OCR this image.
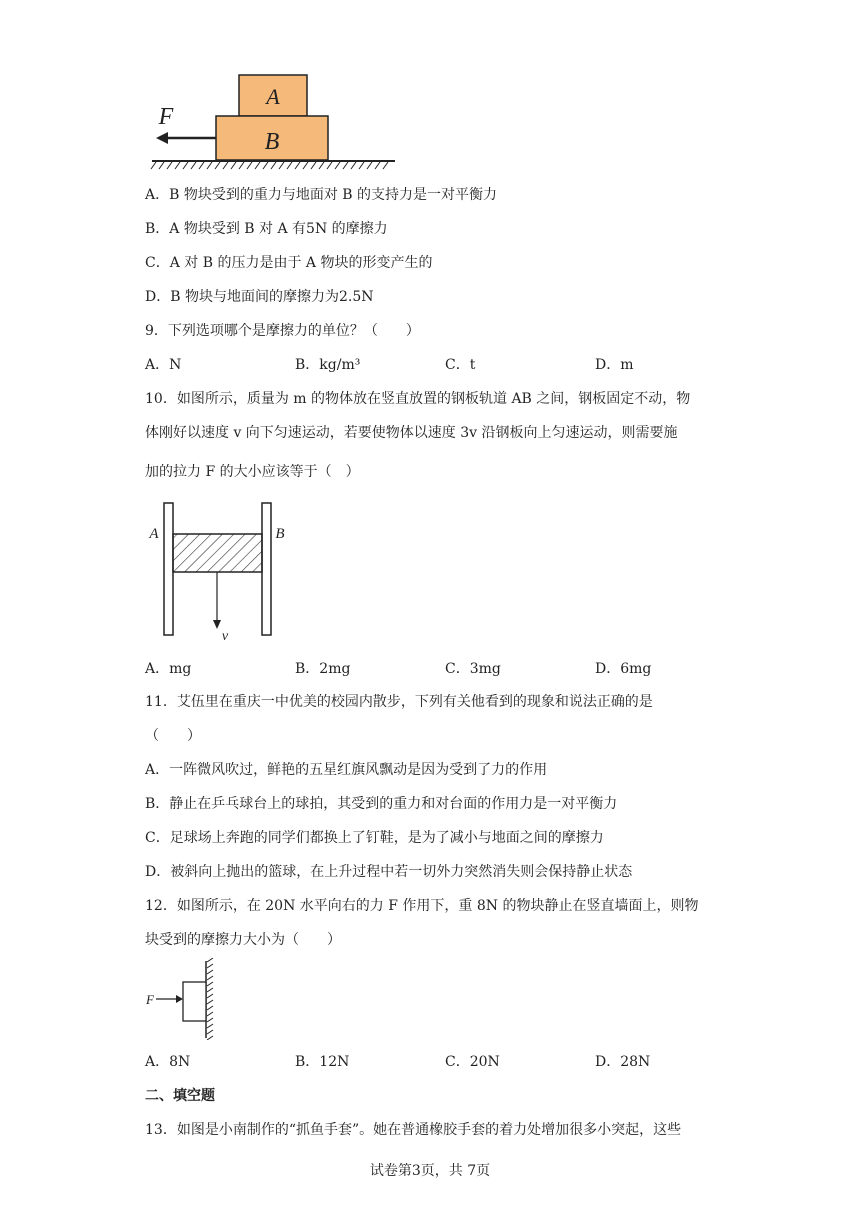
A
B
F
A．B 物块受到的重力与地面对 B 的支持力是一对平衡力
B．A 物块受到 B 对 A 有5N 的摩擦力
C．A 对 B 的压力是由于 A 物块的形变产生的
D．B 物块与地面间的摩擦力为2.5N
9．下列选项哪个是摩擦力的单位？（　　）
A．N	B．kg/m³	C．t	D．m
10．如图所示，质量为 m 的物体放在竖直放置的钢板轨道 AB 之间，钢板固定不动，物
体刚好以速度 v 向下匀速运动，若要使物体以速度 3v 沿钢板向上匀速运动，则需要施
加的拉力 F 的大小应该等于（　）
A	B
v
A．mg	B．2mg	C．3mg	D．6mg
11．艾伍里在重庆一中优美的校园内散步，下列有关他看到的现象和说法正确的是
（　　）
A．一阵微风吹过，鲜艳的五星红旗风飘动是因为受到了力的作用
B．静止在乒乓球台上的球拍，其受到的重力和对台面的作用力是一对平衡力
C．足球场上奔跑的同学们都换上了钉鞋，是为了减小与地面之间的摩擦力
D．被斜向上抛出的篮球，在上升过程中若一切外力突然消失则会保持静止状态
12．如图所示，在 20N 水平向右的力 F 作用下，重 8N 的物块静止在竖直墙面上，则物
块受到的摩擦力大小为（　　）
F
A．8N	B．12N	C．20N	D．28N
二、填空题
13．如图是小南制作的“抓鱼手套”。她在普通橡胶手套的着力处增加很多小突起，这些
试卷第3页，共 7页
